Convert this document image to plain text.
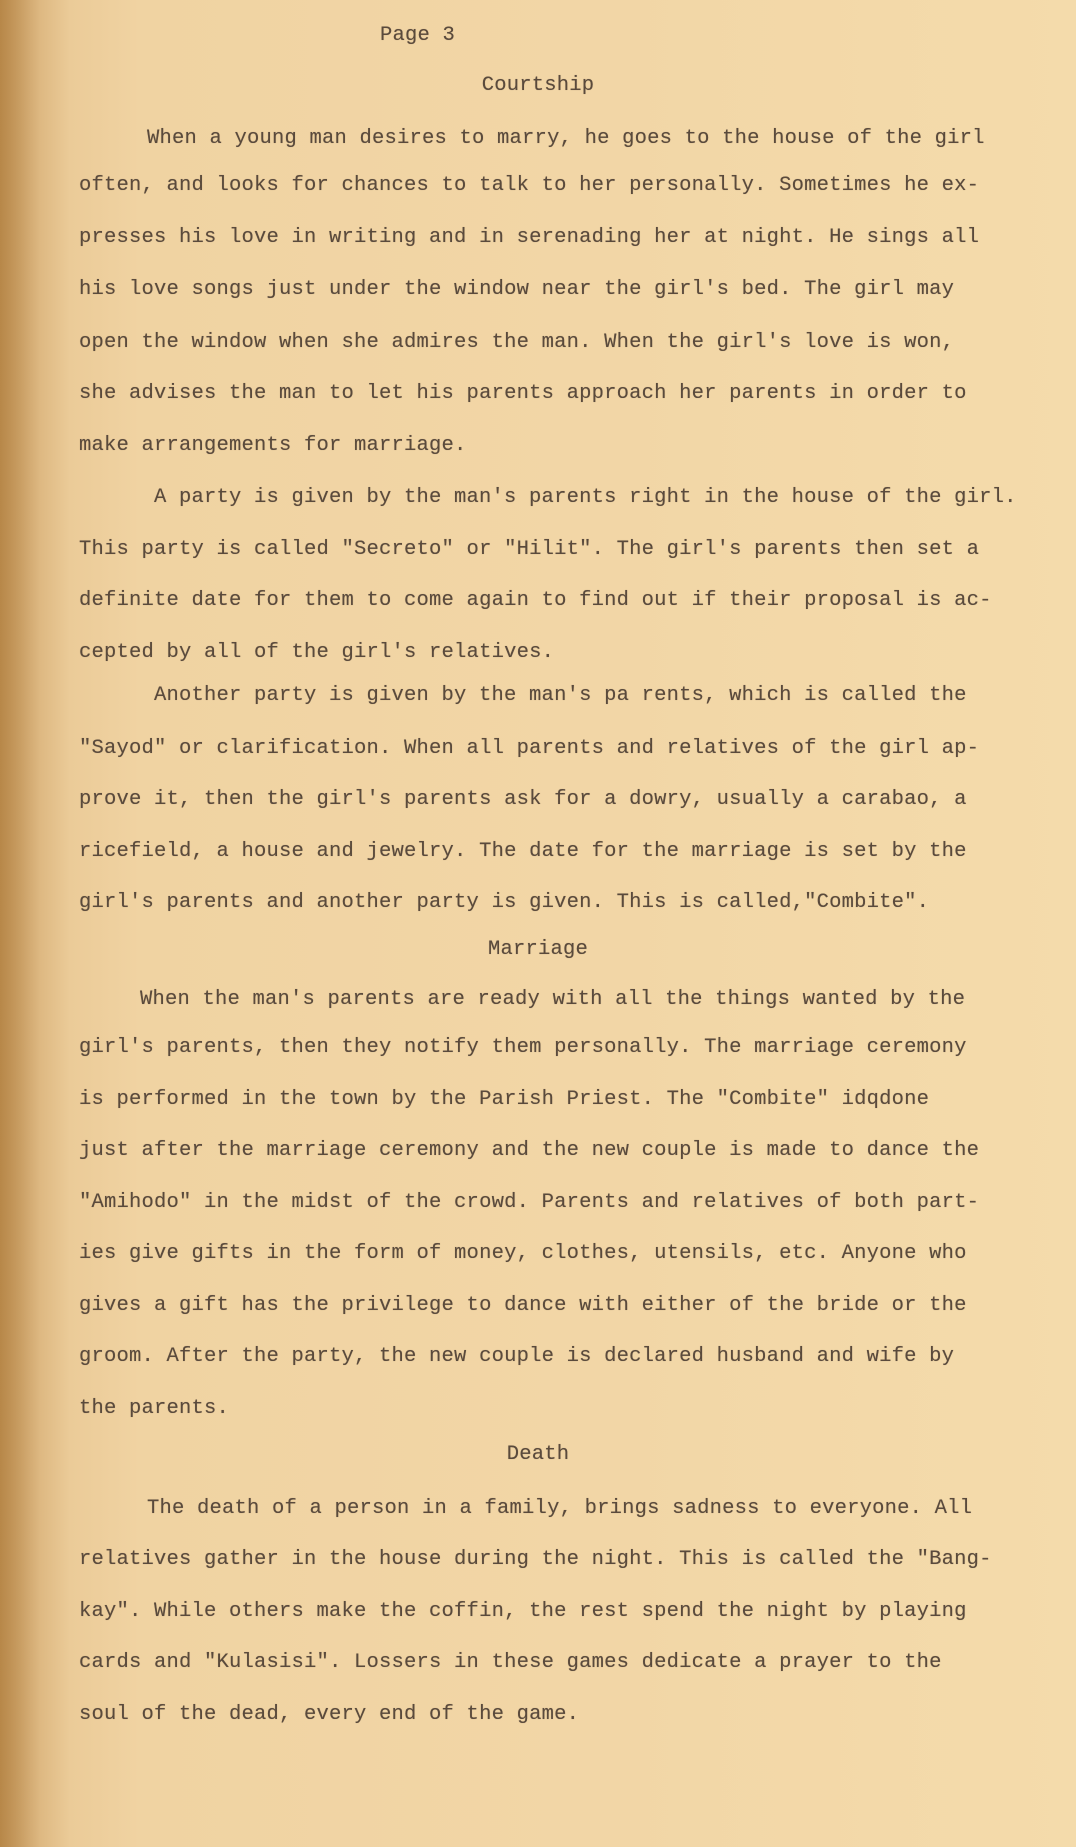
Page 3
Courtship
When a young man desires to marry, he goes to the house of the girl
often, and looks for chances to talk to her personally. Sometimes he ex-
presses his love in writing and in serenading her at night. He sings all
his love songs just under the window near the girl's bed. The girl may
open the window when she admires the man. When the girl's love is won,
she advises the man to let his parents approach her parents in order to
make arrangements for marriage.
A party is given by the man's parents right in the house of the girl.
This party is called "Secreto" or "Hilit". The girl's parents then set a
definite date for them to come again to find out if their proposal is ac-
cepted by all of the girl's relatives.
Another party is given by the man's pa rents, which is called the
"Sayod" or clarification. When all parents and relatives of the girl ap-
prove it, then the girl's parents ask for a dowry, usually a carabao, a
ricefield, a house and jewelry. The date for the marriage is set by the
girl's parents and another party is given. This is called,"Combite".
Marriage
When the man's parents are ready with all the things wanted by the
girl's parents, then they notify them personally. The marriage ceremony
is performed in the town by the Parish Priest. The "Combite" idqdone
just after the marriage ceremony and the new couple is made to dance the
"Amihodo" in the midst of the crowd. Parents and relatives of both part-
ies give gifts in the form of money, clothes, utensils, etc. Anyone who
gives a gift has the privilege to dance with either of the bride or the
groom. After the party, the new couple is declared husband and wife by
the parents.
Death
The death of a person in a family, brings sadness to everyone. All
relatives gather in the house during the night. This is called the "Bang-
kay". While others make the coffin, the rest spend the night by playing
cards and "Kulasisi". Lossers in these games dedicate a prayer to the
soul of the dead, every end of the game.
